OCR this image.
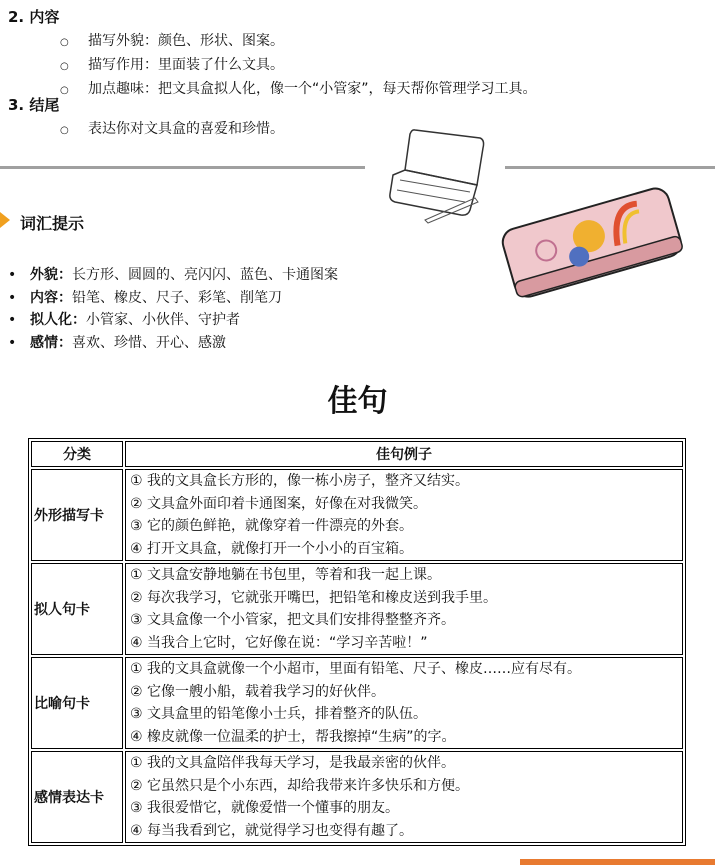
2. 内容
○ 描写外貌：颜色、形状、图案。
○ 描写作用：里面装了什么文具。
○ 加点趣味：把文具盒拟人化，像一个“小管家”，每天帮你管理学习工具。
3. 结尾
○ 表达你对文具盒的喜爱和珍惜。
词汇提示
• 外貌：长方形、圆圆的、亮闪闪、蓝色、卡通图案
• 内容：铅笔、橡皮、尺子、彩笔、削笔刀
• 拟人化：小管家、小伙伴、守护者
• 感情：喜欢、珍惜、开心、感激
佳句
分类	佳句例子
外形描写卡	① 我的文具盒长方形的，像一栋小房子，整齐又结实。
② 文具盒外面印着卡通图案，好像在对我微笑。
③ 它的颜色鲜艳，就像穿着一件漂亮的外套。
④ 打开文具盒，就像打开一个小小的百宝箱。

拟人句卡	① 文具盒安静地躺在书包里，等着和我一起上课。
② 每次我学习，它就张开嘴巴，把铅笔和橡皮送到我手里。
③ 文具盒像一个小管家，把文具们安排得整整齐齐。
④ 当我合上它时，它好像在说：“学习辛苦啦！”

比喻句卡	① 我的文具盒就像一个小超市，里面有铅笔、尺子、橡皮……应有尽有。
② 它像一艘小船，载着我学习的好伙伴。
③ 文具盒里的铅笔像小士兵，排着整齐的队伍。
④ 橡皮就像一位温柔的护士，帮我擦掉“生病”的字。

感情表达卡	① 我的文具盒陪伴我每天学习，是我最亲密的伙伴。
② 它虽然只是个小东西，却给我带来许多快乐和方便。
③ 我很爱惜它，就像爱惜一个懂事的朋友。
④ 每当我看到它，就觉得学习也变得有趣了。
